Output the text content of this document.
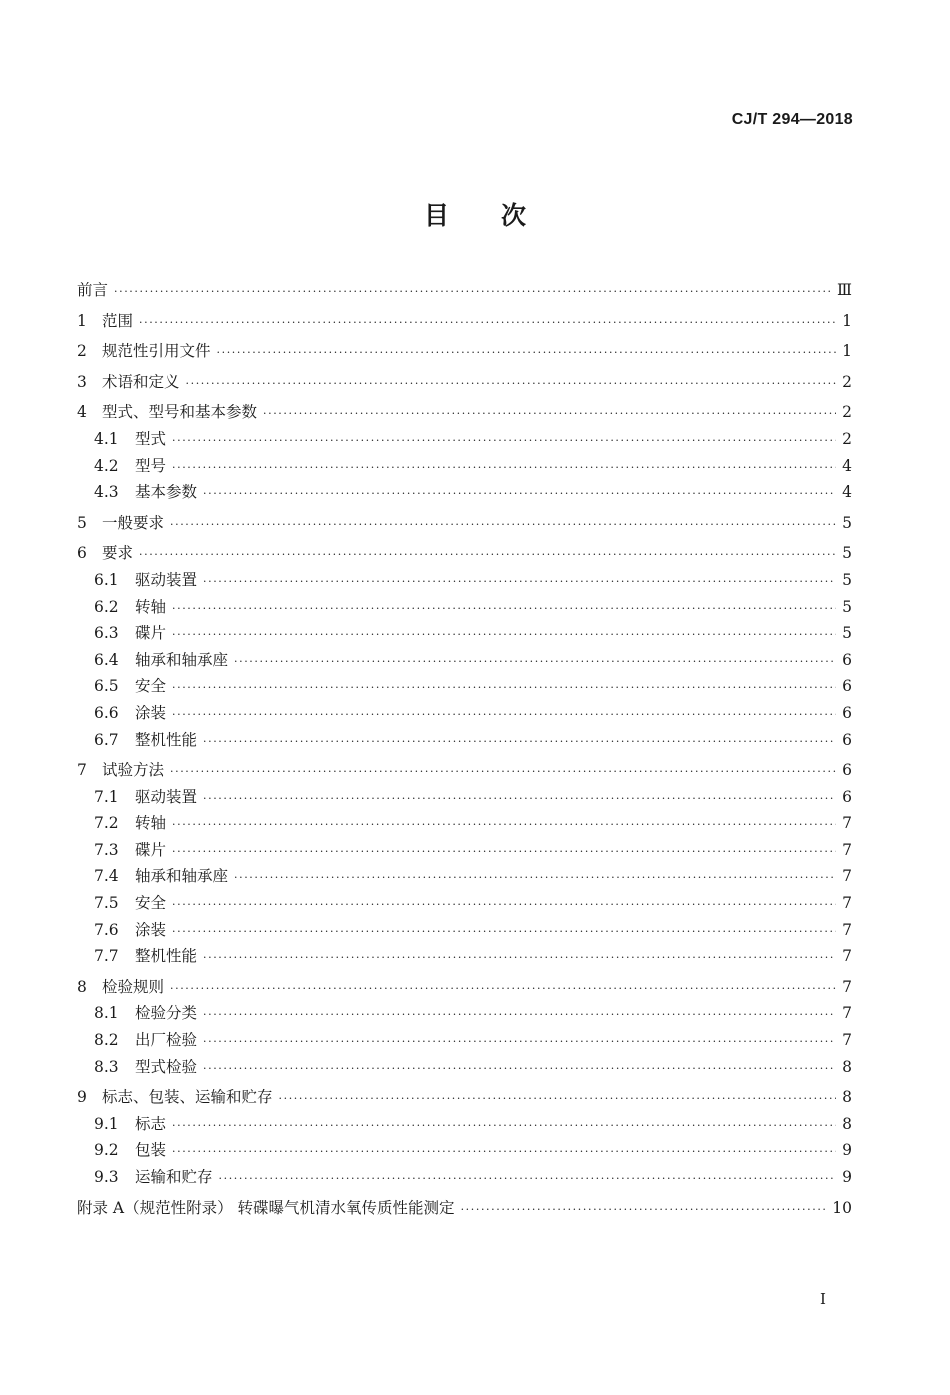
CJ/T 294—2018
目 次
前言 ·····	Ⅲ
1 范围 ·····	1
2 规范性引用文件 ·····	1
3 术语和定义 ·····	2
4 型式、型号和基本参数 ·····	2
4.1	型式 ·····	2
4.2	型号 ·····	4
4.3	基本参数 ·····	4
5 一般要求 ·····	5
6 要求 ·····	5
6.1	驱动装置 ·····	5
6.2	转轴 ·····	5
6.3	碟片 ·····	5
6.4	轴承和轴承座 ·····	6
6.5	安全 ·····	6
6.6	涂装 ·····	6
6.7	整机性能 ·····	6
7 试验方法 ·····	6
7.1	驱动装置 ·····	6
7.2	转轴 ·····	7
7.3	碟片 ·····	7
7.4	轴承和轴承座 ·····	7
7.5	安全 ·····	7
7.6	涂装 ·····	7
7.7	整机性能 ·····	7
8 检验规则 ·····	7
8.1	检验分类 ·····	7
8.2	出厂检验 ·····	7
8.3	型式检验 ·····	8
9 标志、包装、运输和贮存 ·····	8
9.1	标志 ·····	8
9.2	包装 ·····	9
9.3	运输和贮存 ·····	9
附录 A（规范性附录） 转碟曝气机清水氧传质性能测定 ·····	10
I
